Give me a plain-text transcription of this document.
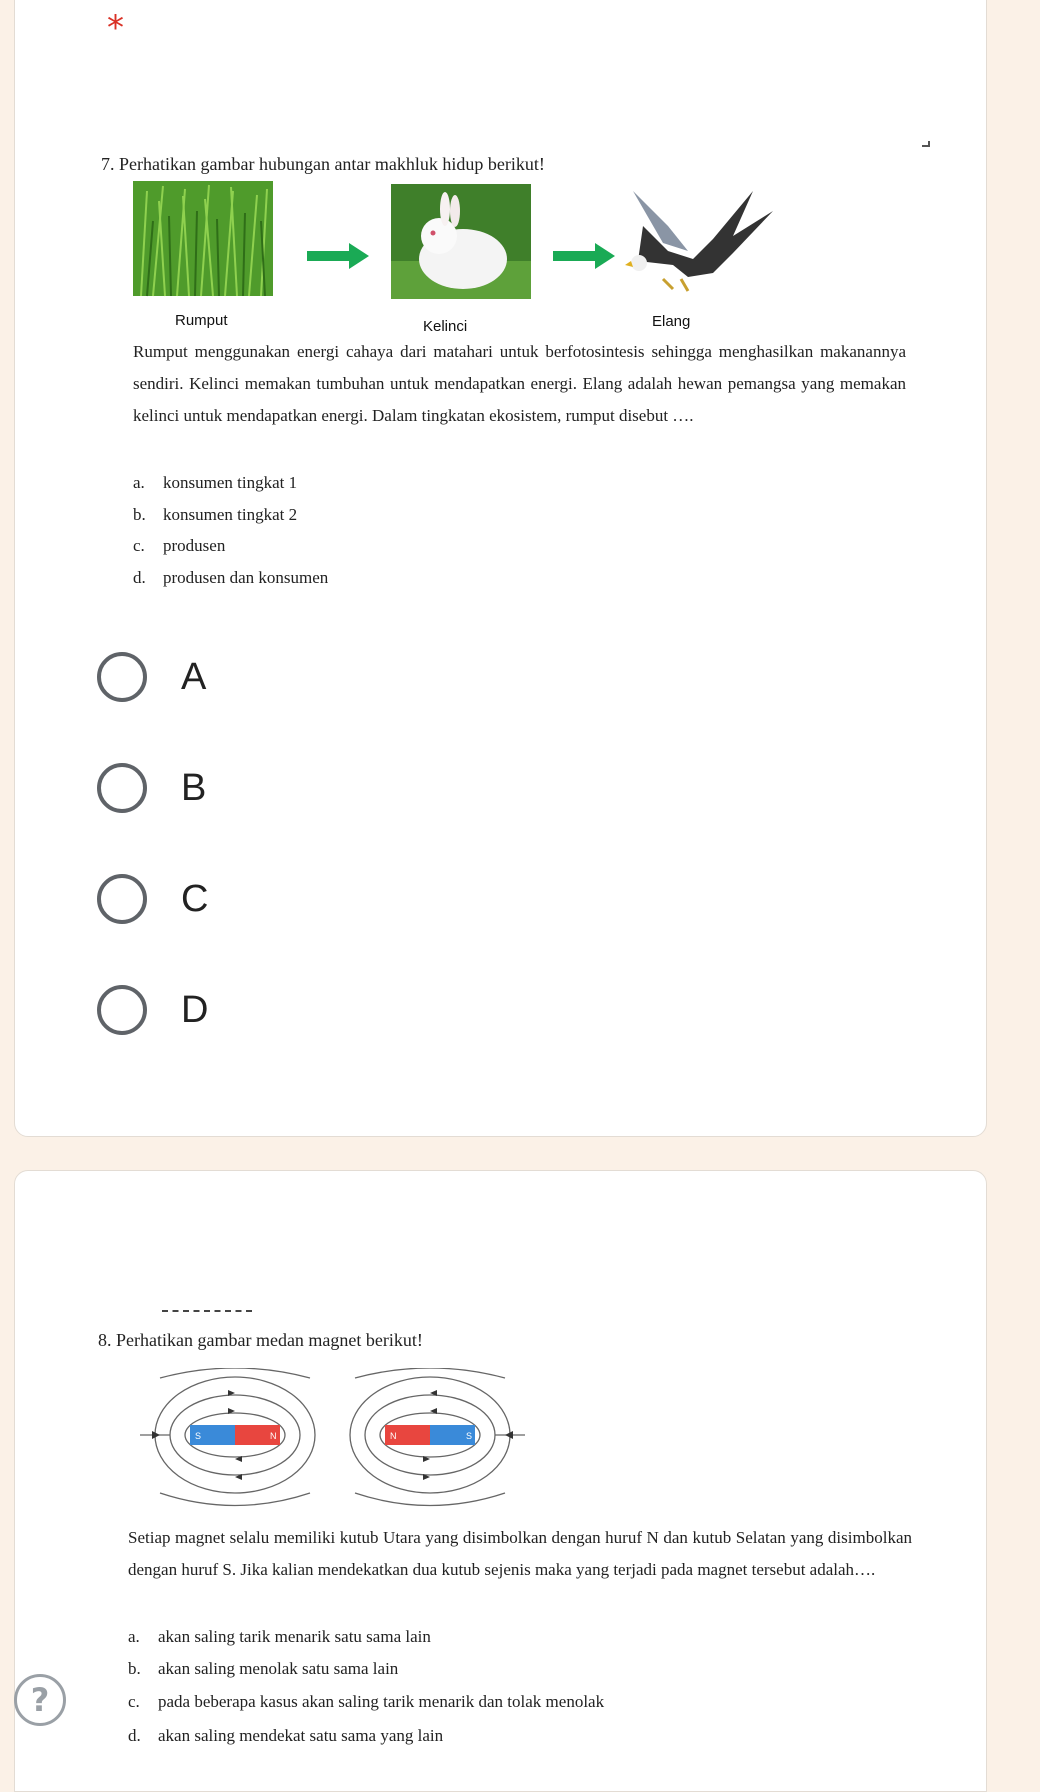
*
7. Perhatikan gambar hubungan antar makhluk hidup berikut!
Rumput	Kelinci	Elang
Rumput menggunakan energi cahaya dari matahari untuk berfotosintesis sehingga menghasilkan makanannya sendiri. Kelinci memakan tumbuhan untuk mendapatkan energi. Elang adalah hewan pemangsa yang memakan kelinci untuk mendapatkan energi. Dalam tingkatan ekosistem, rumput disebut ….
a. konsumen tingkat 1
b. konsumen tingkat 2
c. produsen
d. produsen dan konsumen
A
B
C
D
8. Perhatikan gambar medan magnet berikut!
S	N	N	S
Setiap magnet selalu memiliki kutub Utara yang disimbolkan dengan huruf N dan kutub Selatan yang disimbolkan dengan huruf S. Jika kalian mendekatkan dua kutub sejenis maka yang terjadi pada magnet tersebut adalah….
a. akan saling tarik menarik satu sama lain
b. akan saling menolak satu sama lain
c. pada beberapa kasus akan saling tarik menarik dan tolak menolak
d. akan saling mendekat satu sama yang lain
?
